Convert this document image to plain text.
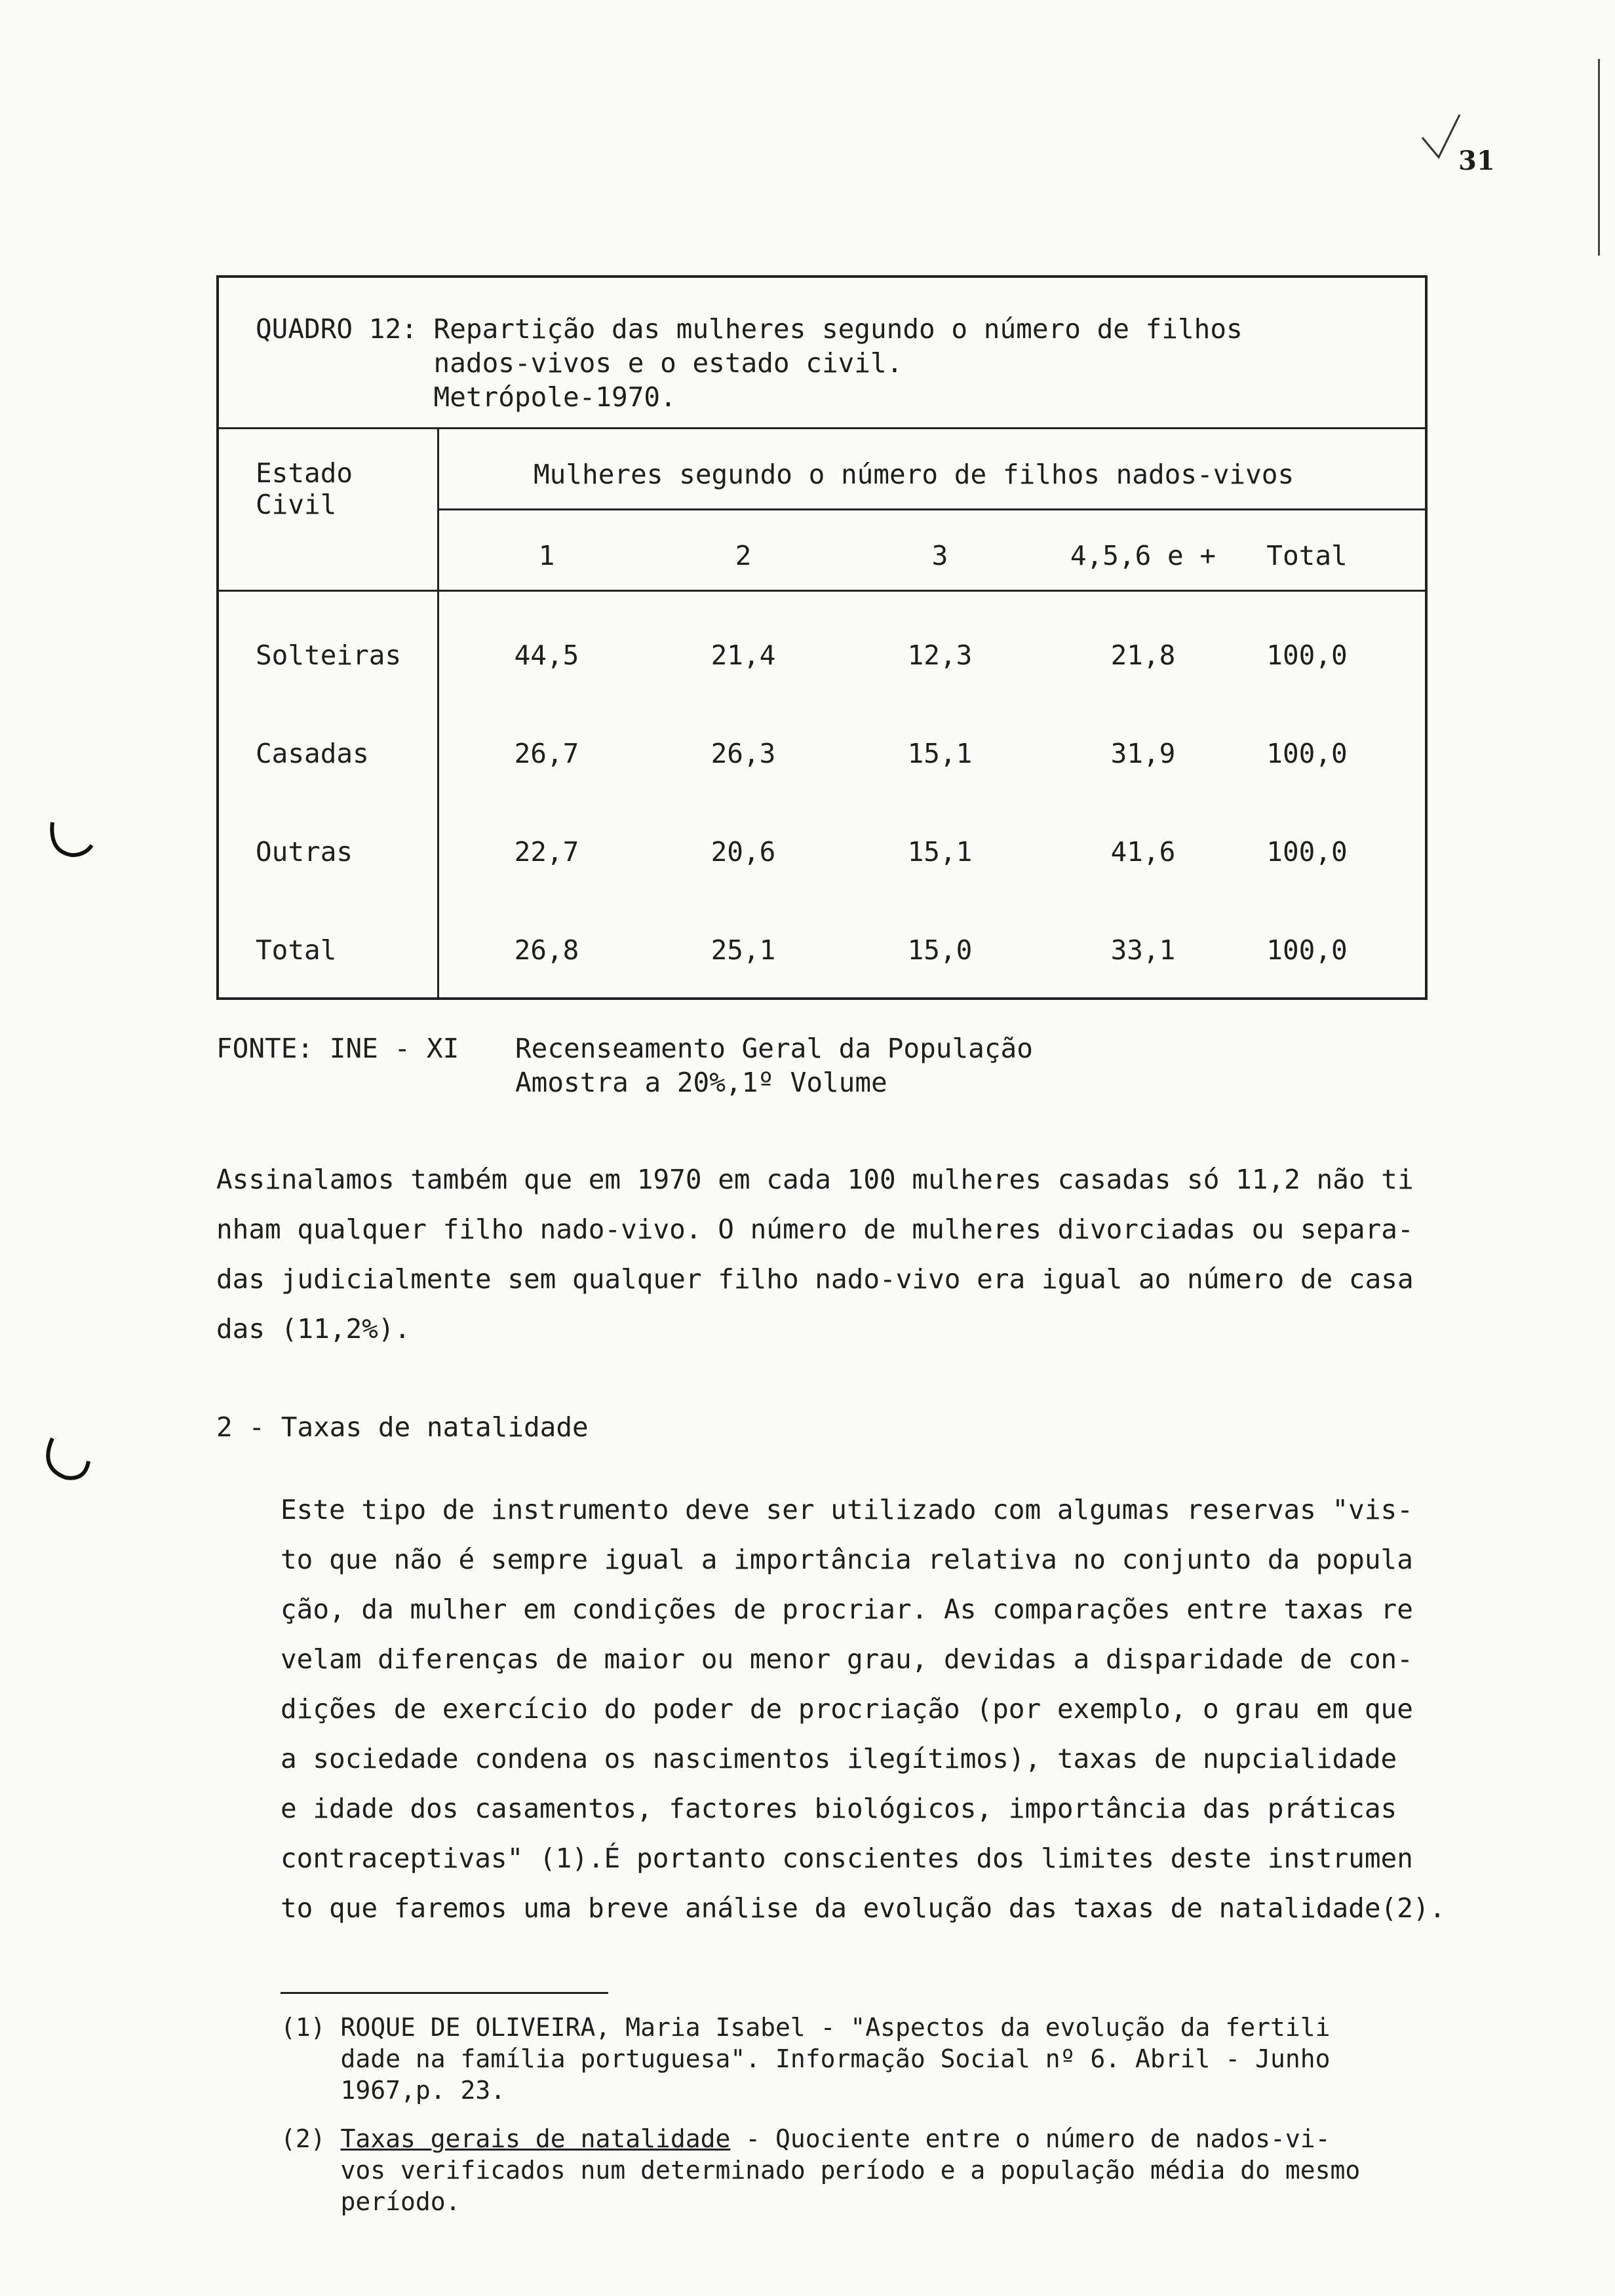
31
QUADRO 12: Repartição das mulheres segundo o número de filhos
nados-vivos e o estado civil.
Metrópole-1970.
Estado
Civil
Mulheres segundo o número de filhos nados-vivos
1	2	3	4,5,6 e +	Total
Solteiras	44,5	21,4	12,3	21,8	100,0
Casadas	26,7	26,3	15,1	31,9	100,0
Outras	22,7	20,6	15,1	41,6	100,0
Total	26,8	25,1	15,0	33,1	100,0
FONTE: INE - XI Recenseamento Geral da População
Amostra a 20%,1º Volume
Assinalamos também que em 1970 em cada 100 mulheres casadas só 11,2 não ti
nham qualquer filho nado-vivo. O número de mulheres divorciadas ou separa-
das judicialmente sem qualquer filho nado-vivo era igual ao número de casa
das (11,2%).
2 - Taxas de natalidade
Este tipo de instrumento deve ser utilizado com algumas reservas "vis-
to que não é sempre igual a importância relativa no conjunto da popula
ção, da mulher em condições de procriar. As comparações entre taxas re
velam diferenças de maior ou menor grau, devidas a disparidade de con-
dições de exercício do poder de procriação (por exemplo, o grau em que
a sociedade condena os nascimentos ilegítimos), taxas de nupcialidade
e idade dos casamentos, factores biológicos, importância das práticas
contraceptivas" (1).É portanto conscientes dos limites deste instrumen
to que faremos uma breve análise da evolução das taxas de natalidade(2).
(1) ROQUE DE OLIVEIRA, Maria Isabel - "Aspectos da evolução da fertili
dade na família portuguesa". Informação Social nº 6. Abril - Junho
1967,p. 23.
(2) Taxas gerais de natalidade - Quociente entre o número de nados-vi-
vos verificados num determinado período e a população média do mesmo
período.
